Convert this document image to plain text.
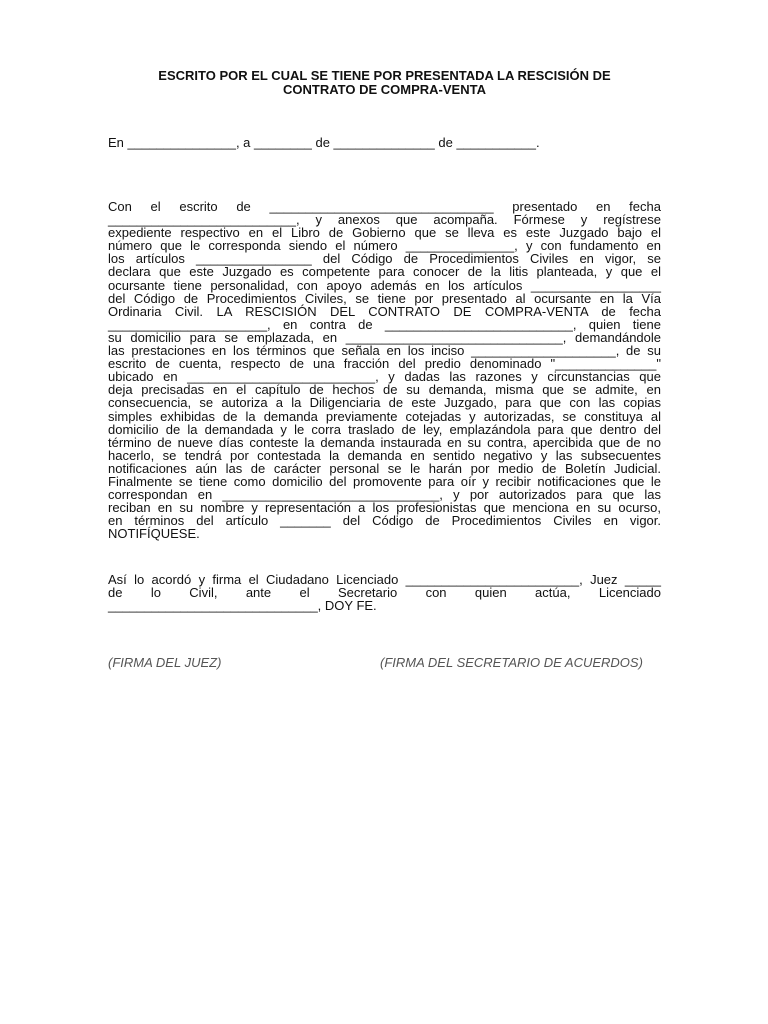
ESCRITO POR EL CUAL SE TIENE POR PRESENTADA LA RESCISIÓN DE
CONTRATO DE COMPRA-VENTA

En _______________, a ________ de ______________ de ___________.

Con el escrito de _______________________________ presentado en fecha
__________________________, y anexos que acompaña. Fórmese y regístrese
expediente respectivo en el Libro de Gobierno que se lleva es este Juzgado bajo el
número que le corresponda siendo el número _______________, y con fundamento en
los artículos ________________ del Código de Procedimientos Civiles en vigor, se
declara que este Juzgado es competente para conocer de la litis planteada, y que el
ocursante tiene personalidad, con apoyo además en los artículos __________________
del Código de Procedimientos Civiles, se tiene por presentado al ocursante en la Vía
Ordinaria Civil. LA RESCISIÓN DEL CONTRATO DE COMPRA-VENTA de fecha
______________________, en contra de __________________________, quien tiene
su domicilio para se emplazada, en ______________________________, demandándole
las prestaciones en los términos que señala en los inciso ____________________, de su
escrito de cuenta, respecto de una fracción del predio denominado "______________"
ubicado en __________________________, y dadas las razones y circunstancias que
deja precisadas en el capítulo de hechos de su demanda, misma que se admite, en
consecuencia, se autoriza a la Diligenciaria de este Juzgado, para que con las copias
simples exhibidas de la demanda previamente cotejadas y autorizadas, se constituya al
domicilio de la demandada y le corra traslado de ley, emplazándola para que dentro del
término de nueve días conteste la demanda instaurada en su contra, apercibida que de no
hacerlo, se tendrá por contestada la demanda en sentido negativo y las subsecuentes
notificaciones aún las de carácter personal se le harán por medio de Boletín Judicial.
Finalmente se tiene como domicilio del promovente para oír y recibir notificaciones que le
correspondan en ______________________________, y por autorizados para que las
reciban en su nombre y representación a los profesionistas que menciona en su ocurso,
en términos del artículo _______ del Código de Procedimientos Civiles en vigor.
NOTIFÍQUESE.
Así lo acordó y firma el Ciudadano Licenciado ________________________, Juez _____
de lo Civil, ante el Secretario con quien actúa, Licenciado
_____________________________, DOY FE.

(FIRMA DEL JUEZ)	(FIRMA DEL SECRETARIO DE ACUERDOS)
